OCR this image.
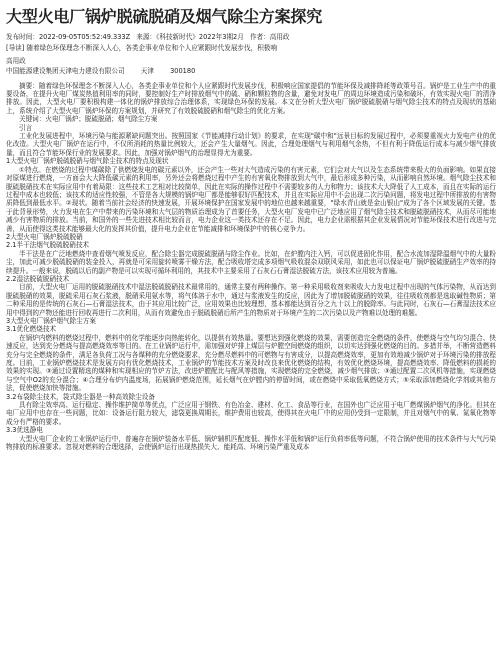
大型火电厂锅炉脱硫脱硝及烟气除尘方案探究
发布时间：2022-09-05T05:52:49.333Z 来源：《科技新时代》2022年3期2月 作者：高用政
[导读] 随着绿色环保理念不断深入人心，各类企事业单位和个人应紧跟时代发展步伐，积极响
高用政
中国能源建设集团天津电力建设有限公司 天津 300180

摘要：随着绿色环保理念不断深入人心，各类企事业单位和个人应紧跟时代发展步伐，积极响应国家提倡的节能环保及减排降耗等政策号召。锅炉是工业生产中的重要设备，在提升火电厂煤炭热值利用率的同时，要控制好生产时排放烟气中的硫、硝和颗粒物的含量，避免对发电厂的周边环境造成污染和破坏，有效实现火电厂的清净排放。因此，大型火电厂要积极构建一体化的锅炉排放综合治理体系，实现绿色环保的发展。本文在分析大型火电厂锅炉脱硫脱硝与烟气除尘技术的特点及现状的基础上，系统介绍了大型火电厂锅炉环保的方案规划，并研究了有效脱硫脱硝和烟气除尘的优化方案。

关键词：火电厂锅炉；脱硫脱硝；烟气除尘方案

引言

工业化发展进程中，环境污染与能源紧缺问题突出。按照国家《节能减排行动计划》的要求，在实现"碳中和"远景目标的发展过程中，必须要重视火力发电产业的优化改造。大型火电厂锅炉在运行中，不仅所消耗的热量比例较大，还会产生大量烟气。因此，合理处理烟气与利用烟气余热，不但有利于降低运行成本与减少烟气排放量，而且符合节能环保行业的发展要求。因此，加强对锅炉烟气的治理显得尤为重要。

1大型火电厂锅炉脱硫脱硝与烟气除尘技术的特点及现状

①特点。在燃烧的过程中煤碳除了供燃烧发电的碳元素以外，还会产生一些对大气造成污染的有害元素，它们会对大气以及生态系统带来极大的负面影响。如果直接对原煤进行燃烧，一方面会大大降低碳元素的利用率，另外还会将燃烧过程中产生的有害氧化物排放到大气中，最后形成多种污染，从而影响自然环境。烟气除尘技术和脱硫脱硝技术在实际应用中有着局限：这些技术工艺相对比较简单，因此在实际的操作过程中不需要较多的人力和物力；该技术大大降低了人工成本，而且在实际的运行过程中成本也较低；该技术的适应性较强，不管是各大规模的锅炉电厂都是能够很好匹配技术，并且在实际应用中不会出现二次污染问题，将发电过程中所排放的有害物质降低到最低水平。②现状。随着当前社会经济的快速发展，开展环境保护在国家发展中的地位也越来越重要，"绿水青山就是金山银山"成为了各个区域发展的关键。基于此背景形势，火力发电在生产中带来的污染环境和大气层的物质治理成为了首要任务，大型火电厂发电中已广泛地应用了烟气除尘技术和脱硫脱硝技术，从而尽可能地减少有害物质的排放。当前，和国外的一些先进技术相比较而言，电力企业这一类技术还存在不足。因此，电力企业需根据其企业发展情况对节能环保技术进行改进与完善，从而使得这类技术能够最大化的发挥其价值，提升电力企业在节能减排和环境保护中的核心竞争力。

2大型火电厂锅炉脱硫脱硝

2.1半干法烟气脱硫脱硝技术

半干法是在广泛地燃烧中查看烟气喷发反应，配合除尘器完成脱硫脱硝与除尘作业。比如，在炉膛内注入钙，可以促进固化作用，配合水流加湿降温烟气中的大量粉尘，加此可减少脱硫脱硝的装金投入，再就是可采用旋转喷雾干燥方法，配合吸收塔完成多项烟气吸收混杂双联风采用，如此也可以保证电厂锅炉脱硫脱硝生产效率的持续提升。一般来说，脱硫以后的副产物是可以实现可循环利用的，其技术中主要采用了石灰石石膏湿法脱硫方法，该技术应用较为普遍。

2.2湿法脱硫脱硝技术

目前，大型火电厂运用的脱硫脱硝技术中湿法脱硫脱硝技术最常用的，通常主要有两种操作。第一种采用吸收剂来吸收大力发电过程中出现的气体污染物，从而达到脱硫脱硝的效果，脱硫采用石灰石浆液，脱硝采用氨水等，将气体溶于水中，通过与浆液发生的反应，因此为了增加脱硫脱硝的效果，往往吸收剂都是选取碱性物质；第二种采用的是传统的石灰石—石膏湿法技术，由于其应用比较广泛，应用效果也比较理想，基本都能达到百分之九十以上的脱除率。与此同时，石灰石—石膏湿法技术应用中得到的产物还能进行回收再进行二次利用，从而有效避免由于脱硫脱硝后所产生的物质对于环境产生的二次污染以及产物难以处理的难题。

3大型火电厂锅炉烟气除尘方案

3.1优化燃烧技术

在锅炉内燃料的燃烧过程中，燃料中的化学能逐步向热能转化，以提供有效热量。要想达到强化燃烧的效果，需要创造完全燃烧的条件，使燃烧与空气均匀混合、快速反应，达到充分燃烧与提高燃烧效率等目的。在工业锅炉运行中，需加强对炉排上煤层与炉膛空间燃烧的组织，以切实达到强化燃烧的目的。多措并举，不断营造燃料充分与完全燃烧的条件，满足各负荷工况与各煤种的充分燃烧要求，充分燃尽燃料中的可燃物与有害成分，以提高燃烧效率，更加有效地减少锅炉对于环境污染的排放程度。目前，工业锅炉燃烧技术是发展方向有优化燃烧技术，工业锅炉的节能技术方案及时改良来优化燃烧的结构，有效优化燃烧环境，提高燃烧效率、降低燃料的损耗的效果的实现。③通过设置精选的煤种和实现相应的节炉方法，改进炉膛配比与配风等措施，实现燃烧的完全燃烧，减少烟气排放；③通过配置二次风机等措施，实现燃烧与空气中O2的充分混合；④合理分布炉内温度场，拓展锅炉燃烧范围，延长烟气在炉膛内的停留时间，或在燃烧中采取低氧燃烧方式；⑤采取添加燃烧化学剂或其他方法，促使燃烧加快等措施。

3.2布袋除尘技术，袋式除尘器是一种高效除尘设备

具有除尘效率高、运行稳定、操作维护简单等优点，广泛应用于钢铁、有色冶金、建材、化工、食品等行业，在国外也广泛应用于电厂燃煤锅炉烟气的净化。但其在电厂应用中也存在一些问题，比如：设备运行阻力较大，滤袋更换周期长，维护费用也较高，使得其在火电厂中的应用仍受到一定限制，并且对烟气中的氧、氮氧化物等成分有严格的要求。

3.3优选静电

大型火电厂企业的工业锅炉运行中，普遍存在锅炉装备水平低、锅炉辅机匹配度低、操作水平低和锅炉运行负荷率低等问题，不符合锅炉使用的技术条件与大气污染物排放的标准要求。忽视对燃料的合理选择，会使锅炉运行出现热损失大、能耗高、环境污染严重及成本
